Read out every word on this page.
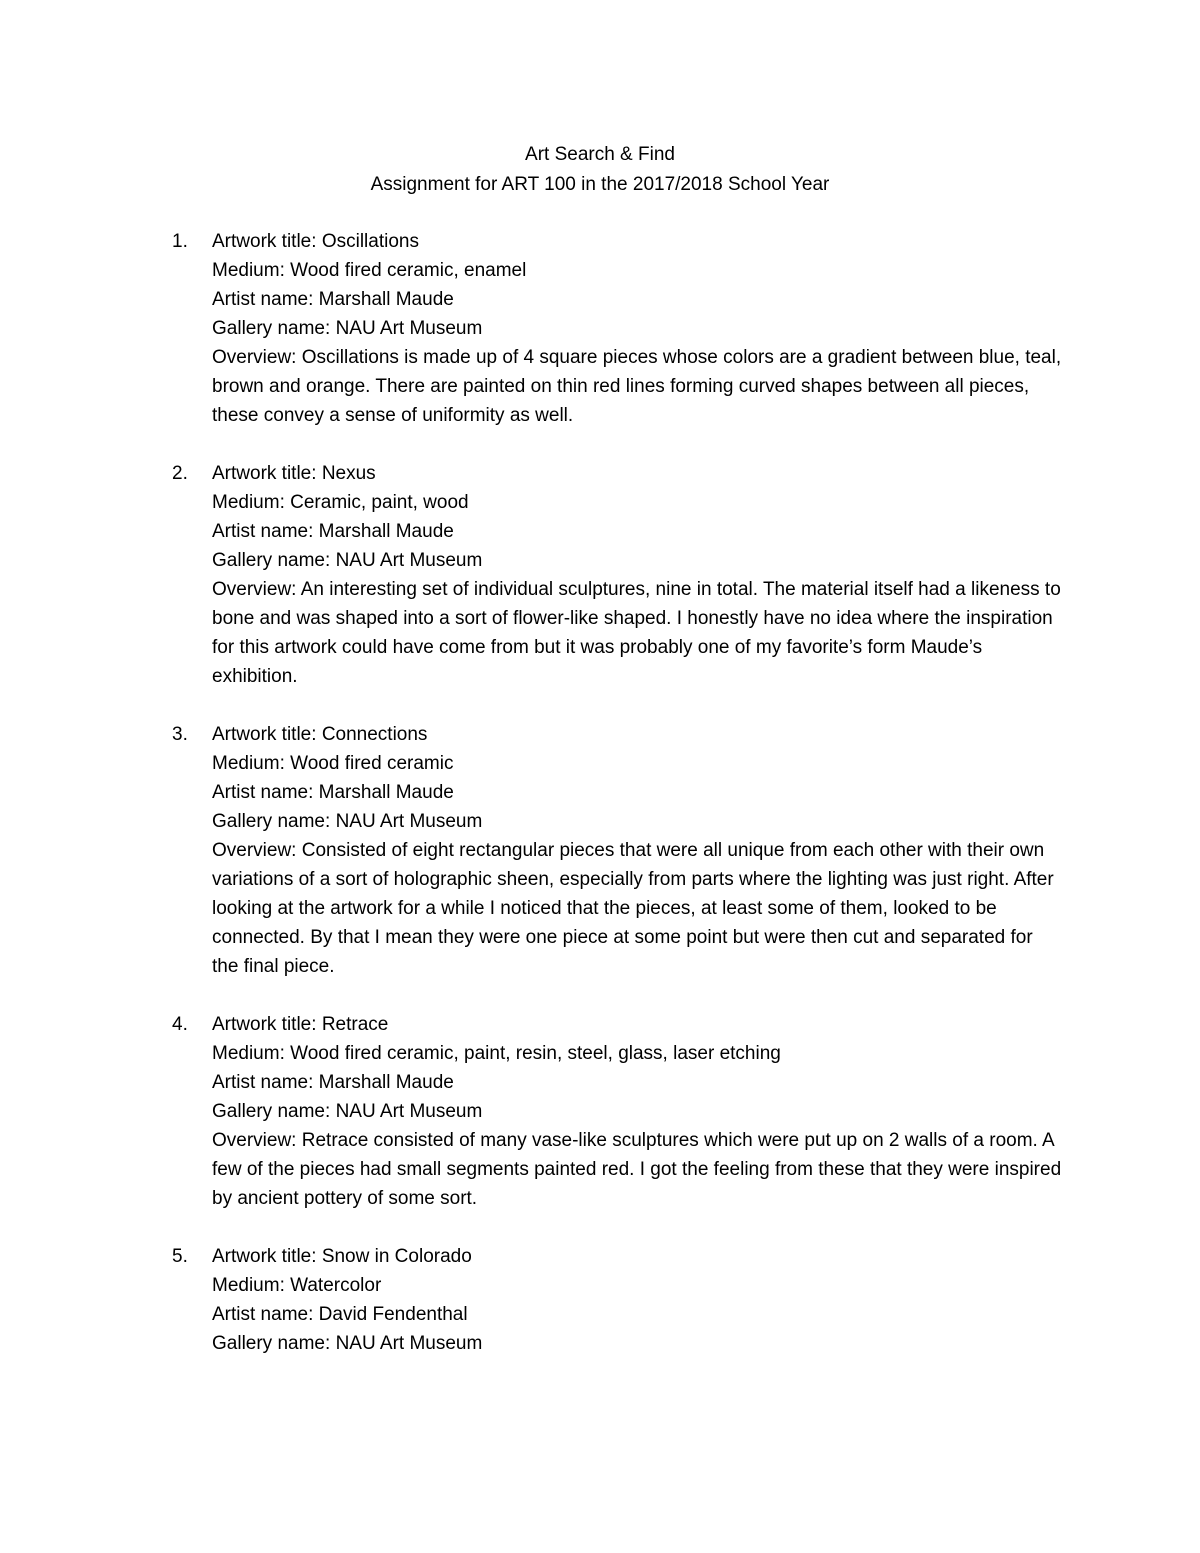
Art Search & Find
Assignment for ART 100 in the 2017/2018 School Year
1. Artwork title: Oscillations
Medium: Wood fired ceramic, enamel
Artist name: Marshall Maude
Gallery name: NAU Art Museum
Overview: Oscillations is made up of 4 square pieces whose colors are a gradient between blue, teal, brown and orange. There are painted on thin red lines forming curved shapes between all pieces, these convey a sense of uniformity as well.
2. Artwork title: Nexus
Medium: Ceramic, paint, wood
Artist name: Marshall Maude
Gallery name: NAU Art Museum
Overview: An interesting set of individual sculptures, nine in total. The material itself had a likeness to bone and was shaped into a sort of flower-like shaped. I honestly have no idea where the inspiration for this artwork could have come from but it was probably one of my favorite’s form Maude’s exhibition.
3. Artwork title: Connections
Medium: Wood fired ceramic
Artist name: Marshall Maude
Gallery name: NAU Art Museum
Overview: Consisted of eight rectangular pieces that were all unique from each other with their own variations of a sort of holographic sheen, especially from parts where the lighting was just right. After looking at the artwork for a while I noticed that the pieces, at least some of them, looked to be connected. By that I mean they were one piece at some point but were then cut and separated for the final piece.
4. Artwork title: Retrace
Medium: Wood fired ceramic, paint, resin, steel, glass, laser etching
Artist name: Marshall Maude
Gallery name: NAU Art Museum
Overview: Retrace consisted of many vase-like sculptures which were put up on 2 walls of a room. A few of the pieces had small segments painted red. I got the feeling from these that they were inspired by ancient pottery of some sort.
5. Artwork title: Snow in Colorado
Medium: Watercolor
Artist name: David Fendenthal
Gallery name: NAU Art Museum
